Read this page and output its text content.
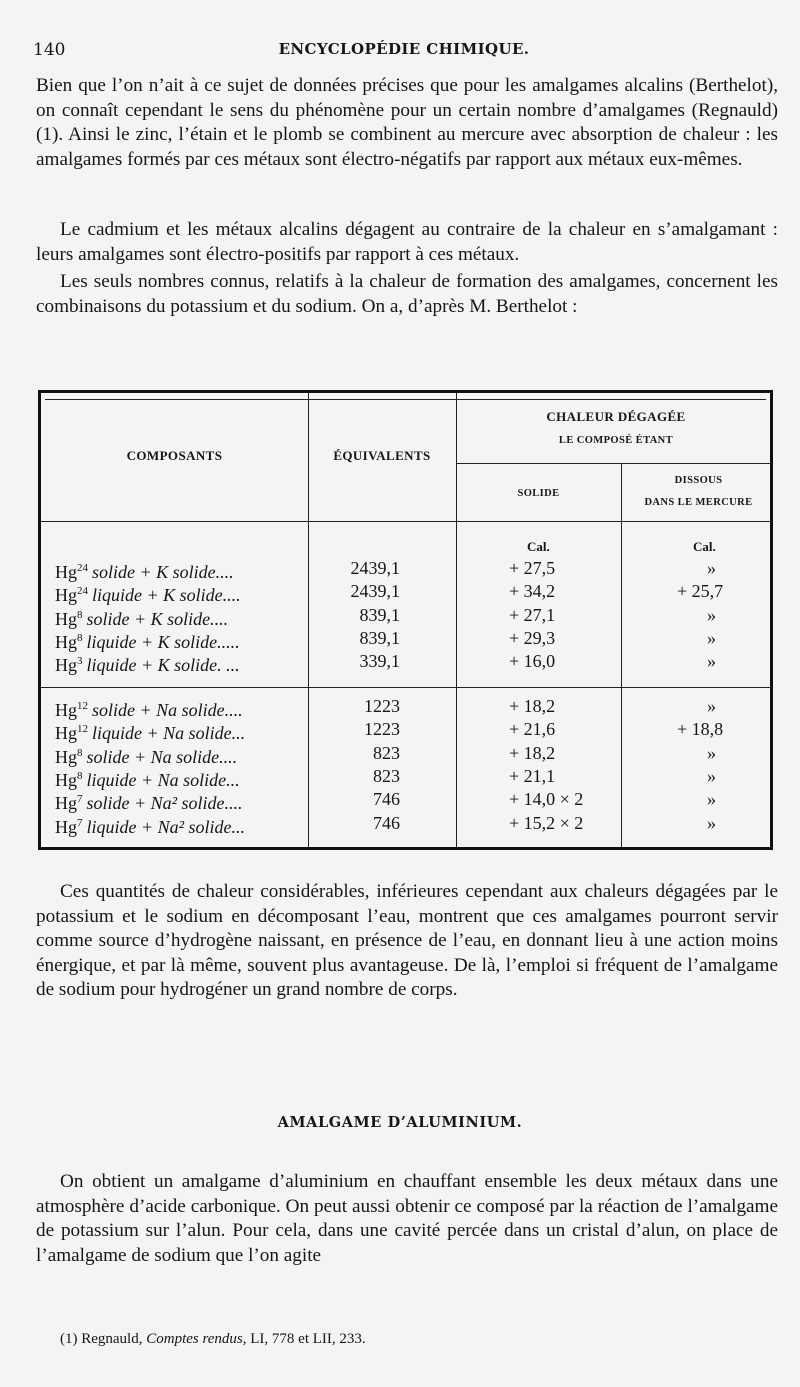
140	ENCYCLOPÉDIE CHIMIQUE.

Bien que l’on n’ait à ce sujet de données précises que pour les amalgames alcalins (Berthelot), on connaît cependant le sens du phénomène pour un certain nombre d’amalgames (Regnauld) (1). Ainsi le zinc, l’étain et le plomb se combinent au mercure avec absorption de chaleur : les amalgames formés par ces métaux sont électro-négatifs par rapport aux métaux eux-mêmes.

Le cadmium et les métaux alcalins dégagent au contraire de la chaleur en s’amalgamant : leurs amalgames sont électro-positifs par rapport à ces métaux.

Les seuls nombres connus, relatifs à la chaleur de formation des amalgames, concernent les combinaisons du potassium et du sodium. On a, d’après M. Berthelot :

COMPOSANTS	ÉQUIVALENTS
CHALEUR DÉGAGÉE
LE COMPOSÉ ÉTANT
SOLIDE
DISSOUS
DANS LE MERCURE
Cal.	Cal.
Hg$^{24}$ solide + K solide....	2439,1	+ 27,5	»
Hg$^{24}$ liquide + K solide....	2439,1	+ 34,2	+ 25,7
Hg$^8$ solide + K solide....	839,1	+ 27,1	»
Hg$^8$ liquide + K solide.....	839,1	+ 29,3	»
Hg$^3$ liquide + K solide. ...	339,1	+ 16,0	»
Hg$^{12}$ solide + Na solide....	1223	+ 18,2	»
Hg$^{12}$ liquide + Na solide...	1223	+ 21,6	+ 18,8
Hg$^8$ solide + Na solide....	823	+ 18,2	»
Hg$^8$ liquide + Na solide...	823	+ 21,1	»
Hg$^7$ solide + Na² solide....	746	+ 14,0 × 2	»
Hg$^7$ liquide + Na² solide...	746	+ 15,2 × 2	»

Ces quantités de chaleur considérables, inférieures cependant aux chaleurs dégagées par le potassium et le sodium en décomposant l’eau, montrent que ces amalgames pourront servir comme source d’hydrogène naissant, en présence de l’eau, en donnant lieu à une action moins énergique, et par là même, souvent plus avantageuse. De là, l’emploi si fréquent de l’amalgame de sodium pour hydrogéner un grand nombre de corps.

AMALGAME D’ALUMINIUM.

On obtient un amalgame d’aluminium en chauffant ensemble les deux métaux dans une atmosphère d’acide carbonique. On peut aussi obtenir ce composé par la réaction de l’amalgame de potassium sur l’alun. Pour cela, dans une cavité percée dans un cristal d’alun, on place de l’amalgame de sodium que l’on agite

(1) Regnauld, Comptes rendus, LI, 778 et LII, 233.
